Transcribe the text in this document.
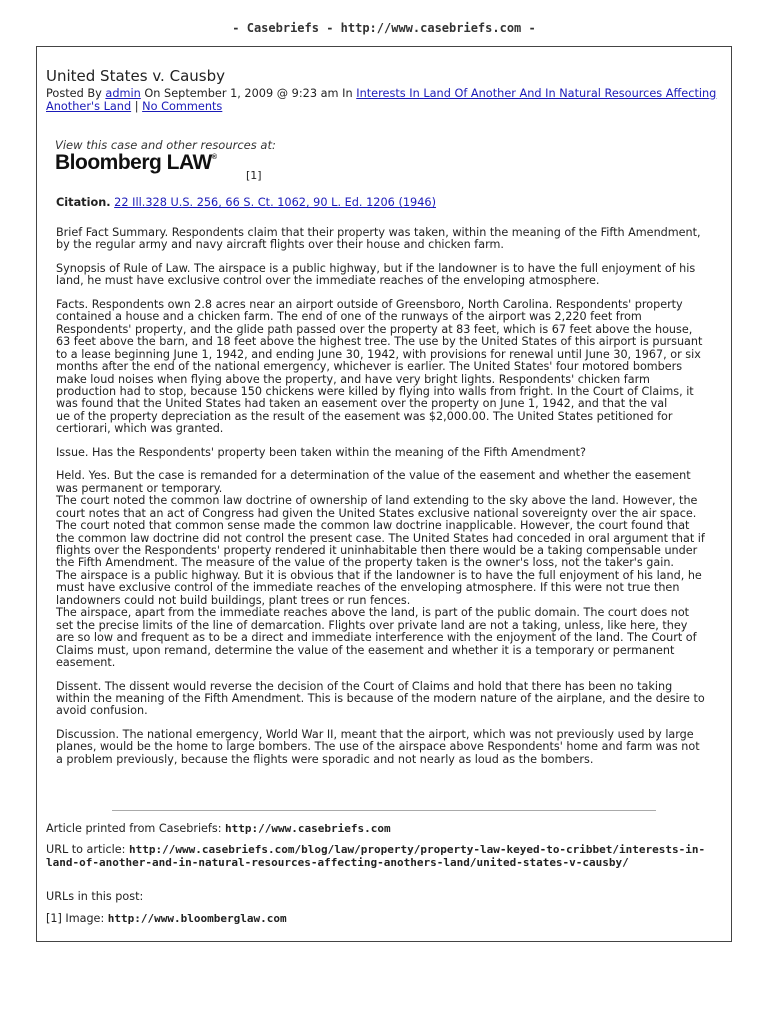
- Casebriefs - http://www.casebriefs.com -
United States v. Causby
Posted By admin On September 1, 2009 @ 9:23 am In Interests In Land Of Another And In Natural Resources Affecting Another's Land | No Comments
View this case and other resources at:
Bloomberg LAW®
[1]
Citation. 22 Ill.328 U.S. 256, 66 S. Ct. 1062, 90 L. Ed. 1206 (1946)

Brief Fact Summary. Respondents claim that their property was taken, within the meaning of the Fifth Amendment, by the regular army and navy aircraft flights over their house and chicken farm.

Synopsis of Rule of Law. The airspace is a public highway, but if the landowner is to have the full enjoyment of his land, he must have exclusive control over the immediate reaches of the enveloping atmosphere.

Facts. Respondents own 2.8 acres near an airport outside of Greensboro, North Carolina. Respondents' property contained a house and a chicken farm. The end of one of the runways of the airport was 2,220 feet from Respondents' property, and the glide path passed over the property at 83 feet, which is 67 feet above the house, 63 feet above the barn, and 18 feet above the highest tree. The use by the United States of this airport is pursuant to a lease beginning June 1, 1942, and ending June 30, 1942, with provisions for renewal until June 30, 1967, or six months after the end of the national emergency, whichever is earlier. The United States' four motored bombers make loud noises when flying above the property, and have very bright lights. Respondents' chicken farm production had to stop, because 150 chickens were killed by flying into walls from fright. In the Court of Claims, it was found that the United States had taken an easement over the property on June 1, 1942, and that the val
ue of the property depreciation as the result of the easement was $2,000.00. The United States petitioned for certiorari, which was granted.

Issue. Has the Respondents' property been taken within the meaning of the Fifth Amendment?

Held. Yes. But the case is remanded for a determination of the value of the easement and whether the easement was permanent or temporary.
The court noted the common law doctrine of ownership of land extending to the sky above the land. However, the court notes that an act of Congress had given the United States exclusive national sovereignty over the air space. The court noted that common sense made the common law doctrine inapplicable. However, the court found that the common law doctrine did not control the present case. The United States had conceded in oral argument that if flights over the Respondents' property rendered it uninhabitable then there would be a taking compensable under the Fifth Amendment. The measure of the value of the property taken is the owner's loss, not the taker's gain.
The airspace is a public highway. But it is obvious that if the landowner is to have the full enjoyment of his land, he must have exclusive control of the immediate reaches of the enveloping atmosphere. If this were not true then landowners could not build buildings, plant trees or run fences.
The airspace, apart from the immediate reaches above the land, is part of the public domain. The court does not set the precise limits of the line of demarcation. Flights over private land are not a taking, unless, like here, they are so low and frequent as to be a direct and immediate interference with the enjoyment of the land. The Court of Claims must, upon remand, determine the value of the easement and whether it is a temporary or permanent easement.

Dissent. The dissent would reverse the decision of the Court of Claims and hold that there has been no taking within the meaning of the Fifth Amendment. This is because of the modern nature of the airplane, and the desire to avoid confusion.

Discussion. The national emergency, World War II, meant that the airport, which was not previously used by large planes, would be the home to large bombers. The use of the airspace above Respondents' home and farm was not a problem previously, because the flights were sporadic and not nearly as loud as the bombers.

Article printed from Casebriefs: http://www.casebriefs.com
URL to article: http://www.casebriefs.com/blog/law/property/property-law-keyed-to-cribbet/interests-in-land-of-another-and-in-natural-resources-affecting-anothers-land/united-states-v-causby/
URLs in this post:
[1] Image: http://www.bloomberglaw.com
